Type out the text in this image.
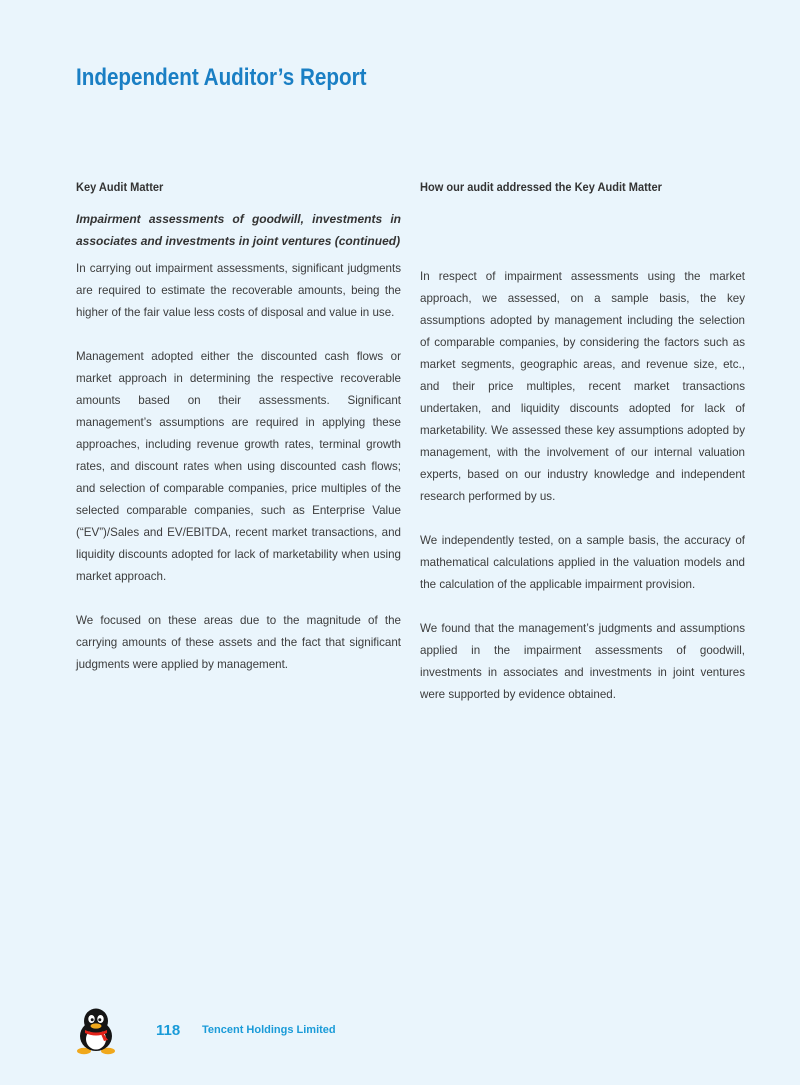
Independent Auditor’s Report
Key Audit Matter

Impairment assessments of goodwill, investments in associates and investments in joint ventures (continued)

In carrying out impairment assessments, significant judgments are required to estimate the recoverable amounts, being the higher of the fair value less costs of disposal and value in use.

Management adopted either the discounted cash flows or market approach in determining the respective recoverable amounts based on their assessments. Significant management’s assumptions are required in applying these approaches, including revenue growth rates, terminal growth rates, and discount rates when using discounted cash flows; and selection of comparable companies, price multiples of the selected comparable companies, such as Enterprise Value (“EV”)/Sales and EV/EBITDA, recent market transactions, and liquidity discounts adopted for lack of marketability when using market approach.

We focused on these areas due to the magnitude of the carrying amounts of these assets and the fact that significant judgments were applied by management.

How our audit addressed the Key Audit Matter

In respect of impairment assessments using the market approach, we assessed, on a sample basis, the key assumptions adopted by management including the selection of comparable companies, by considering the factors such as market segments, geographic areas, and revenue size, etc., and their price multiples, recent market transactions undertaken, and liquidity discounts adopted for lack of marketability. We assessed these key assumptions adopted by management, with the involvement of our internal valuation experts, based on our industry knowledge and independent research performed by us.

We independently tested, on a sample basis, the accuracy of mathematical calculations applied in the valuation models and the calculation of the applicable impairment provision.

We found that the management’s judgments and assumptions applied in the impairment assessments of goodwill, investments in associates and investments in joint ventures were supported by evidence obtained.

118 Tencent Holdings Limited
